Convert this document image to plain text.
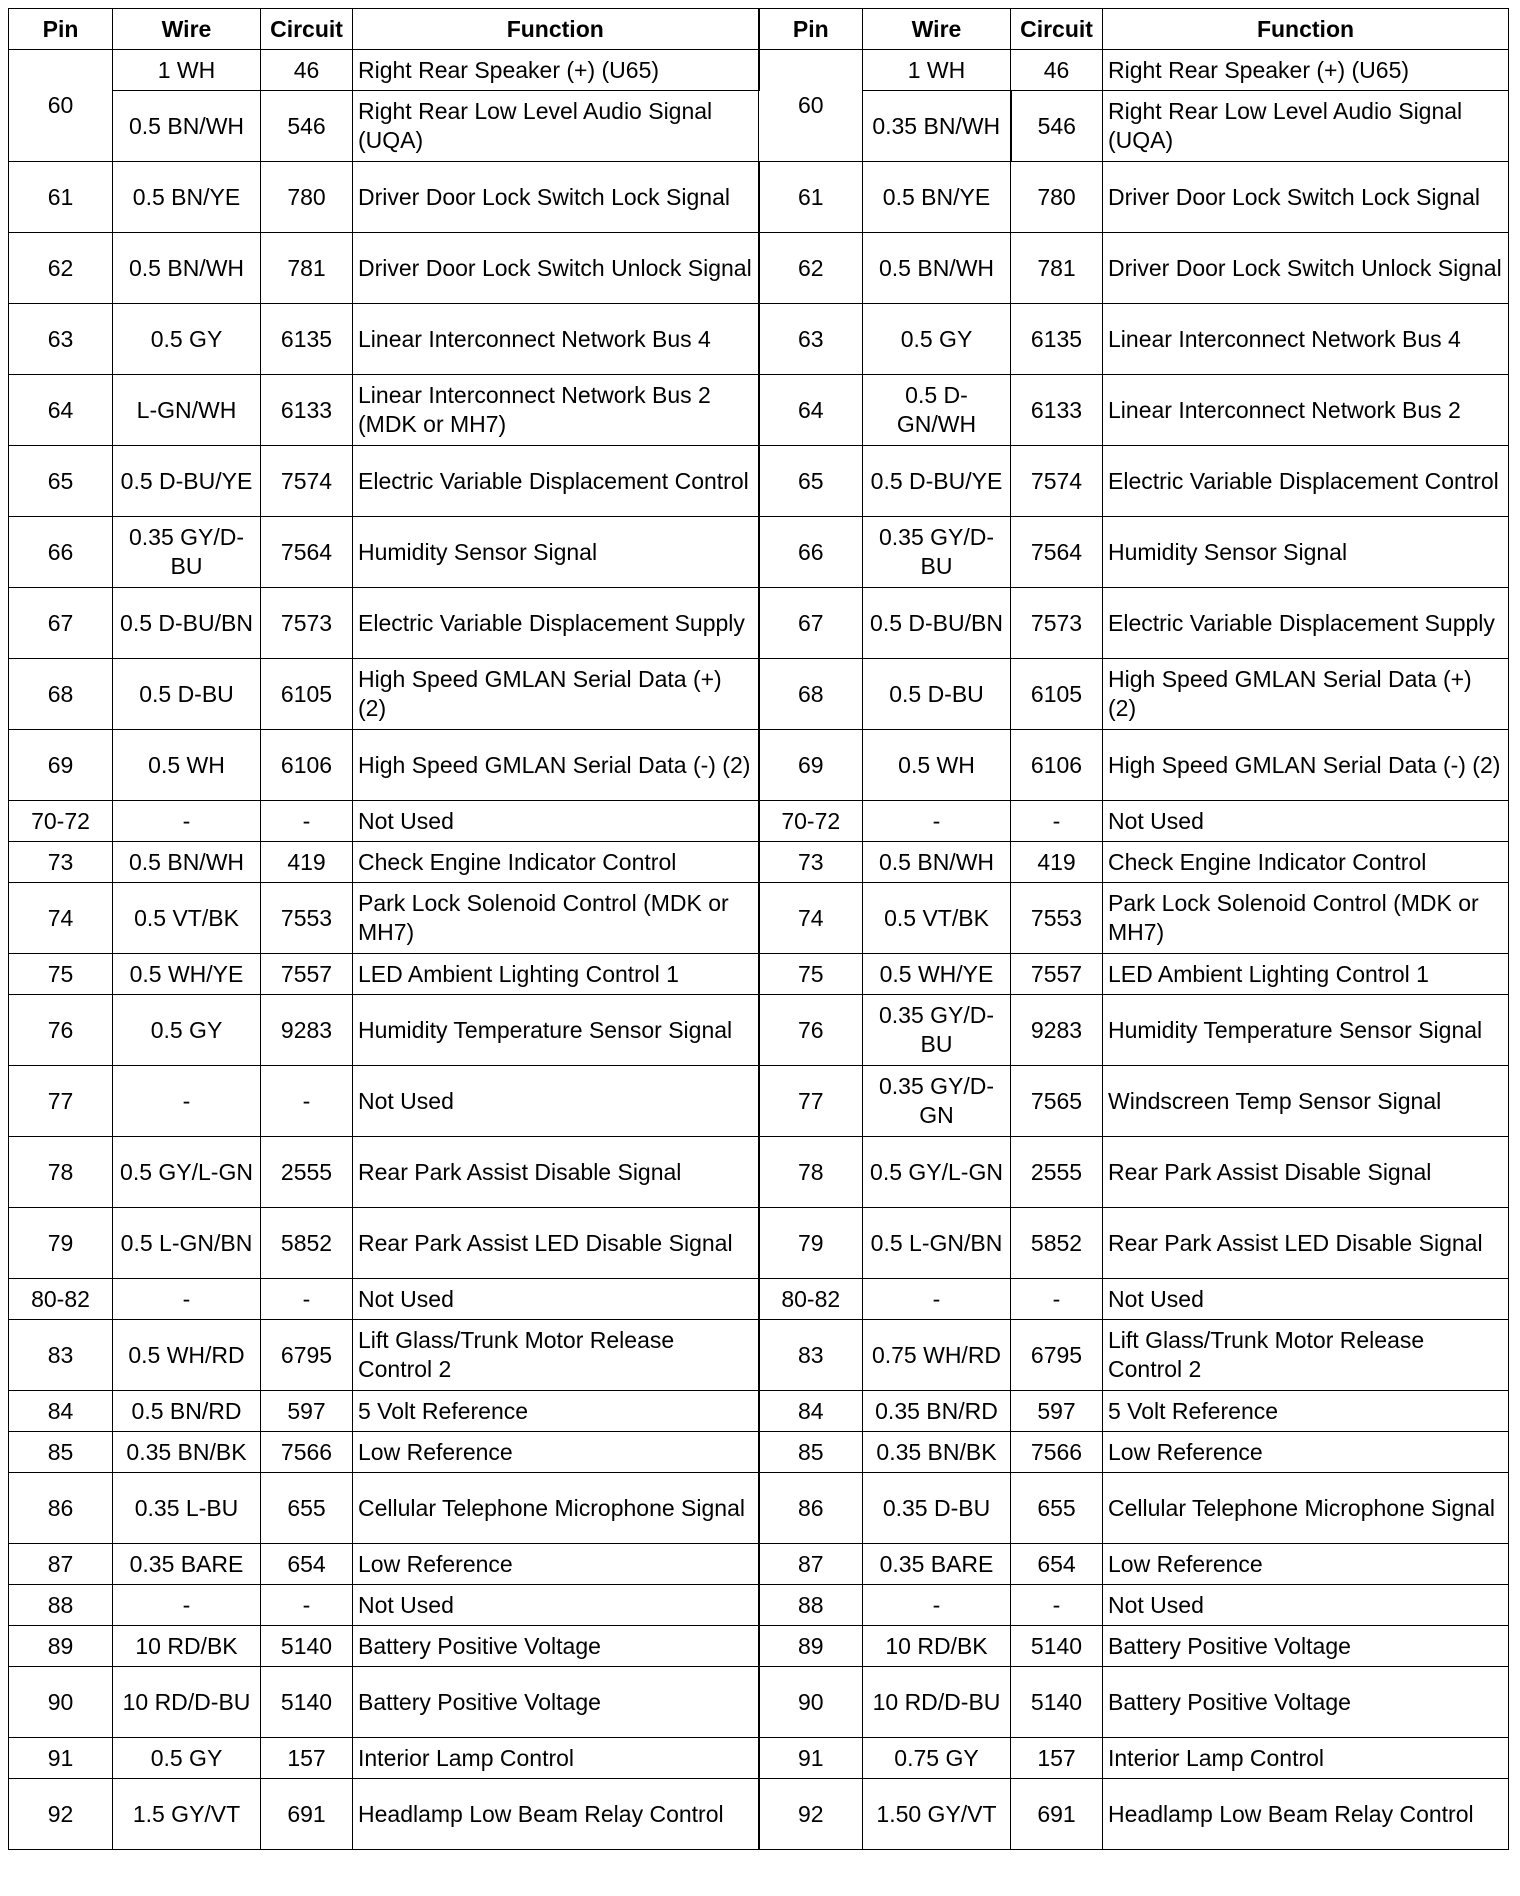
Pin	Wire	Circuit	Function	Pin	Wire	Circuit	Function
60	1 WH	46	Right Rear Speaker (+) (U65)	60	1 WH	46	Right Rear Speaker (+) (U65)
	0.5 BN/WH	546	Right Rear Low Level Audio Signal (UQA)		0.35 BN/WH	546	Right Rear Low Level Audio Signal (UQA)
61	0.5 BN/YE	780	Driver Door Lock Switch Lock Signal	61	0.5 BN/YE	780	Driver Door Lock Switch Lock Signal
62	0.5 BN/WH	781	Driver Door Lock Switch Unlock Signal	62	0.5 BN/WH	781	Driver Door Lock Switch Unlock Signal
63	0.5 GY	6135	Linear Interconnect Network Bus 4	63	0.5 GY	6135	Linear Interconnect Network Bus 4
64	L-GN/WH	6133	Linear Interconnect Network Bus 2 (MDK or MH7)	64	0.5 D-GN/WH	6133	Linear Interconnect Network Bus 2
65	0.5 D-BU/YE	7574	Electric Variable Displacement Control	65	0.5 D-BU/YE	7574	Electric Variable Displacement Control
66	0.35 GY/D-BU	7564	Humidity Sensor Signal	66	0.35 GY/D-BU	7564	Humidity Sensor Signal
67	0.5 D-BU/BN	7573	Electric Variable Displacement Supply	67	0.5 D-BU/BN	7573	Electric Variable Displacement Supply
68	0.5 D-BU	6105	High Speed GMLAN Serial Data (+) (2)	68	0.5 D-BU	6105	High Speed GMLAN Serial Data (+) (2)
69	0.5 WH	6106	High Speed GMLAN Serial Data (-) (2)	69	0.5 WH	6106	High Speed GMLAN Serial Data (-) (2)
70-72	-	-	Not Used	70-72	-	-	Not Used
73	0.5 BN/WH	419	Check Engine Indicator Control	73	0.5 BN/WH	419	Check Engine Indicator Control
74	0.5 VT/BK	7553	Park Lock Solenoid Control (MDK or MH7)	74	0.5 VT/BK	7553	Park Lock Solenoid Control (MDK or MH7)
75	0.5 WH/YE	7557	LED Ambient Lighting Control 1	75	0.5 WH/YE	7557	LED Ambient Lighting Control 1
76	0.5 GY	9283	Humidity Temperature Sensor Signal	76	0.35 GY/D-BU	9283	Humidity Temperature Sensor Signal
77	-	-	Not Used	77	0.35 GY/D-GN	7565	Windscreen Temp Sensor Signal
78	0.5 GY/L-GN	2555	Rear Park Assist Disable Signal	78	0.5 GY/L-GN	2555	Rear Park Assist Disable Signal
79	0.5 L-GN/BN	5852	Rear Park Assist LED Disable Signal	79	0.5 L-GN/BN	5852	Rear Park Assist LED Disable Signal
80-82	-	-	Not Used	80-82	-	-	Not Used
83	0.5 WH/RD	6795	Lift Glass/Trunk Motor Release Control 2	83	0.75 WH/RD	6795	Lift Glass/Trunk Motor Release Control 2
84	0.5 BN/RD	597	5 Volt Reference	84	0.35 BN/RD	597	5 Volt Reference
85	0.35 BN/BK	7566	Low Reference	85	0.35 BN/BK	7566	Low Reference
86	0.35 L-BU	655	Cellular Telephone Microphone Signal	86	0.35 D-BU	655	Cellular Telephone Microphone Signal
87	0.35 BARE	654	Low Reference	87	0.35 BARE	654	Low Reference
88	-	-	Not Used	88	-	-	Not Used
89	10 RD/BK	5140	Battery Positive Voltage	89	10 RD/BK	5140	Battery Positive Voltage
90	10 RD/D-BU	5140	Battery Positive Voltage	90	10 RD/D-BU	5140	Battery Positive Voltage
91	0.5 GY	157	Interior Lamp Control	91	0.75 GY	157	Interior Lamp Control
92	1.5 GY/VT	691	Headlamp Low Beam Relay Control	92	1.50 GY/VT	691	Headlamp Low Beam Relay Control
